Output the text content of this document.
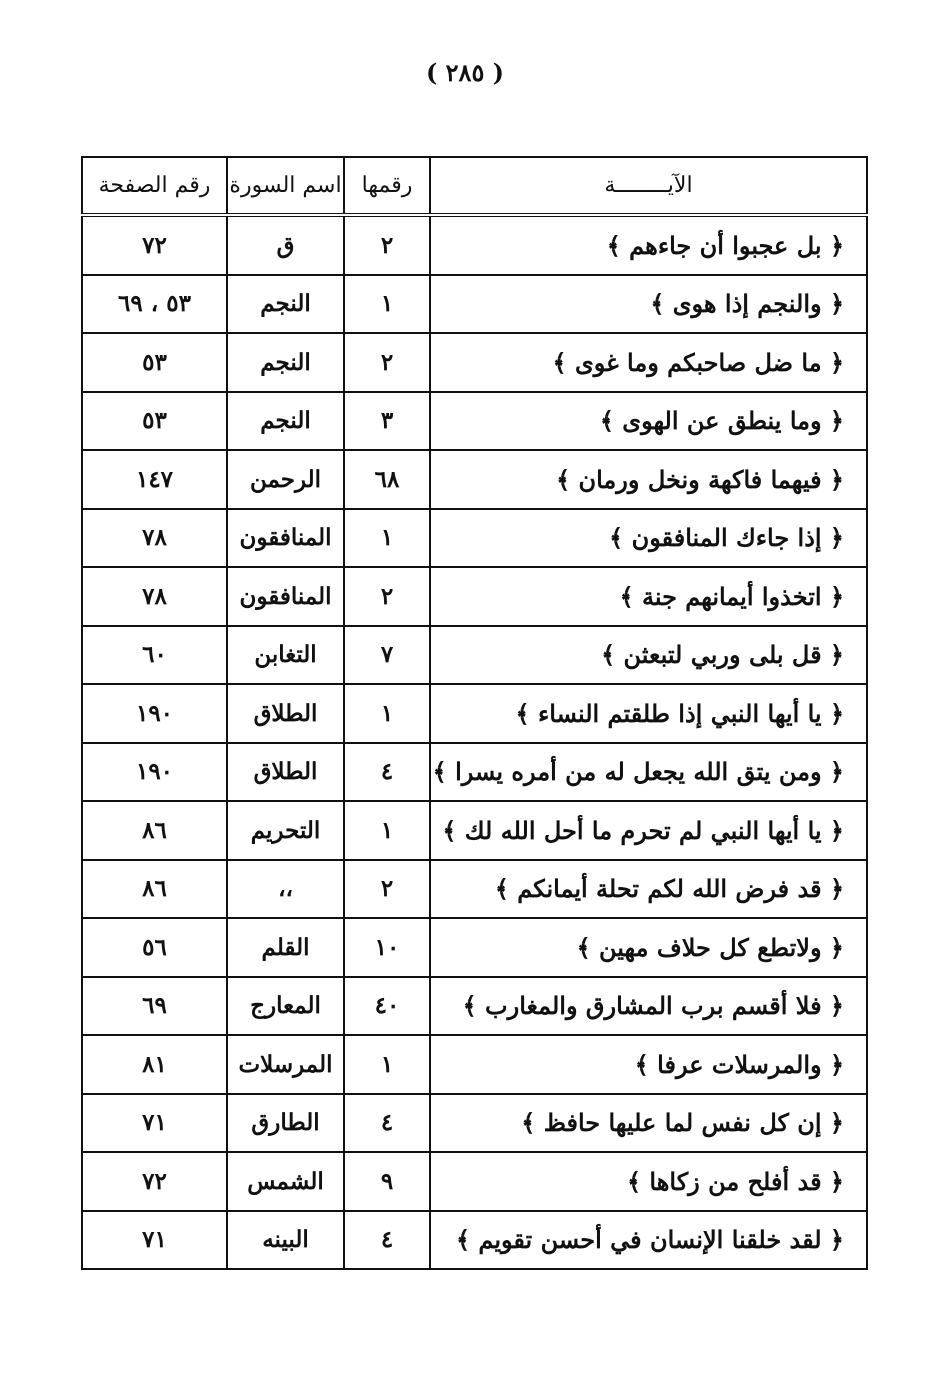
( ٢٨٥ )
الآيــــــــة	رقمها	اسم السورة	رقم الصفحة
﴿ بل عجبوا أن جاءهم ﴾	٢	ق	٧٢
﴿ والنجم إذا هوى ﴾	١	النجم	٥٣ ، ٦٩
﴿ ما ضل صاحبكم وما غوى ﴾	٢	النجم	٥٣
﴿ وما ينطق عن الهوى ﴾	٣	النجم	٥٣
﴿ فيهما فاكهة ونخل ورمان ﴾	٦٨	الرحمن	١٤٧
﴿ إذا جاءك المنافقون ﴾	١	المنافقون	٧٨
﴿ اتخذوا أيمانهم جنة ﴾	٢	المنافقون	٧٨
﴿ قل بلى وربي لتبعثن ﴾	٧	التغابن	٦٠
﴿ يا أيها النبي إذا طلقتم النساء ﴾	١	الطلاق	١٩٠
﴿ ومن يتق الله يجعل له من أمره يسرا ﴾	٤	الطلاق	١٩٠
﴿ يا أيها النبي لم تحرم ما أحل الله لك ﴾	١	التحريم	٨٦
﴿ قد فرض الله لكم تحلة أيمانكم ﴾	٢	،،	٨٦
﴿ ولاتطع كل حلاف مهين ﴾	١٠	القلم	٥٦
﴿ فلا أقسم برب المشارق والمغارب ﴾	٤٠	المعارج	٦٩
﴿ والمرسلات عرفا ﴾	١	المرسلات	٨١
﴿ إن كل نفس لما عليها حافظ ﴾	٤	الطارق	٧١
﴿ قد أفلح من زكاها ﴾	٩	الشمس	٧٢
﴿ لقد خلقنا الإنسان في أحسن تقويم ﴾	٤	البينه	٧١
